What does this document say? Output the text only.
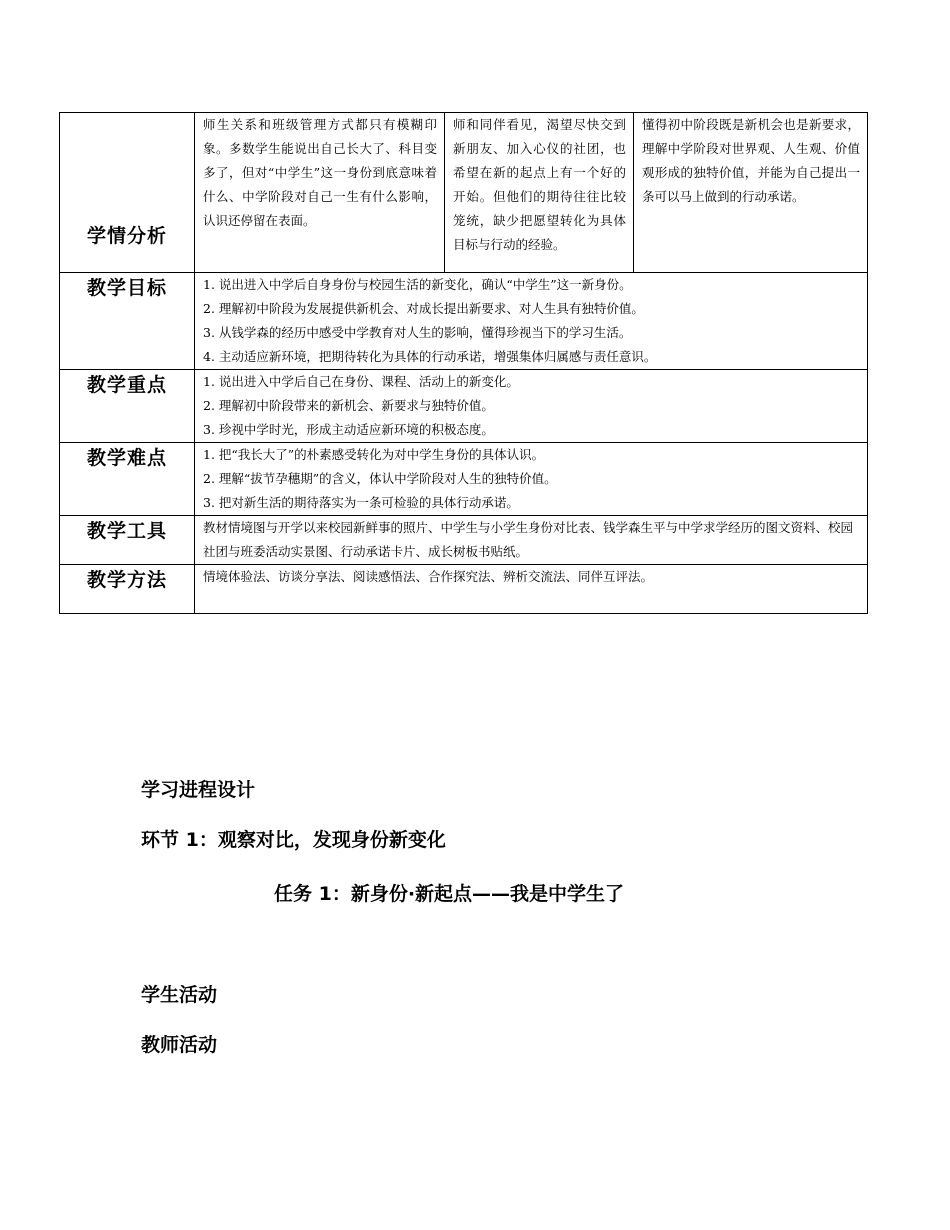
学情分析	师生关系和班级管理方式都只有模糊印象。多数学生能说出自己长大了、科目变多了，但对“中学生”这一身份到底意味着什么、中学阶段对自己一生有什么影响，认识还停留在表面。	师和同伴看见，渴望尽快交到新朋友、加入心仪的社团，也希望在新的起点上有一个好的开始。但他们的期待往往比较笼统，缺少把愿望转化为具体目标与行动的经验。	懂得初中阶段既是新机会也是新要求，理解中学阶段对世界观、人生观、价值观形成的独特价值，并能为自己提出一条可以马上做到的行动承诺。

教学目标	1. 说出进入中学后自身身份与校园生活的新变化，确认“中学生”这一新身份。
2. 理解初中阶段为发展提供新机会、对成长提出新要求、对人生具有独特价值。
3. 从钱学森的经历中感受中学教育对人生的影响，懂得珍视当下的学习生活。
4. 主动适应新环境，把期待转化为具体的行动承诺，增强集体归属感与责任意识。		

教学重点	1. 说出进入中学后自己在身份、课程、活动上的新变化。
2. 理解初中阶段带来的新机会、新要求与独特价值。
3. 珍视中学时光，形成主动适应新环境的积极态度。		

教学难点	1. 把“我长大了”的朴素感受转化为对中学生身份的具体认识。
2. 理解“拔节孕穗期”的含义，体认中学阶段对人生的独特价值。
3. 把对新生活的期待落实为一条可检验的具体行动承诺。		

教学工具	教材情境图与开学以来校园新鲜事的照片、中学生与小学生身份对比表、钱学森生平与中学求学经历的图文资料、校园社团与班委活动实景图、行动承诺卡片、成长树板书贴纸。		

教学方法	情境体验法、访谈分享法、阅读感悟法、合作探究法、辨析交流法、同伴互评法。		
学习进程设计
环节 1：观察对比，发现身份新变化
任务 1：新身份·新起点——我是中学生了
学生活动
教师活动
